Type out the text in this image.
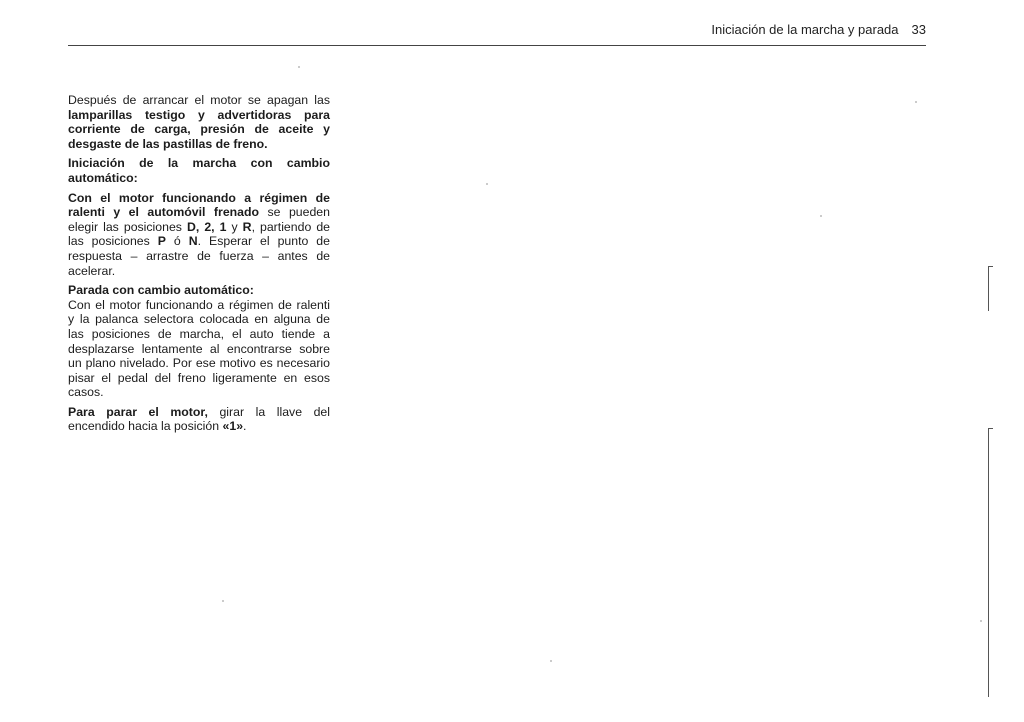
Iniciación de la marcha y parada 33

Después de arrancar el motor se apagan las lamparillas testigo y advertidoras para corriente de carga, presión de aceite y desgaste de las pastillas de freno.

Iniciación de la marcha con cambio automático:

Con el motor funcionando a régimen de ralenti y el automóvil frenado se pueden elegir las posiciones D, 2, 1 y R, partiendo de las posiciones P ó N. Esperar el punto de respuesta – arrastre de fuerza – antes de acelerar.

Parada con cambio automático:
Con el motor funcionando a régimen de ralenti y la palanca selectora colocada en alguna de las posiciones de marcha, el auto tiende a desplazarse lentamente al encontrarse sobre un plano nivelado. Por ese motivo es necesario pisar el pedal del freno ligeramente en esos casos.

Para parar el motor, girar la llave del encendido hacia la posición «1».
